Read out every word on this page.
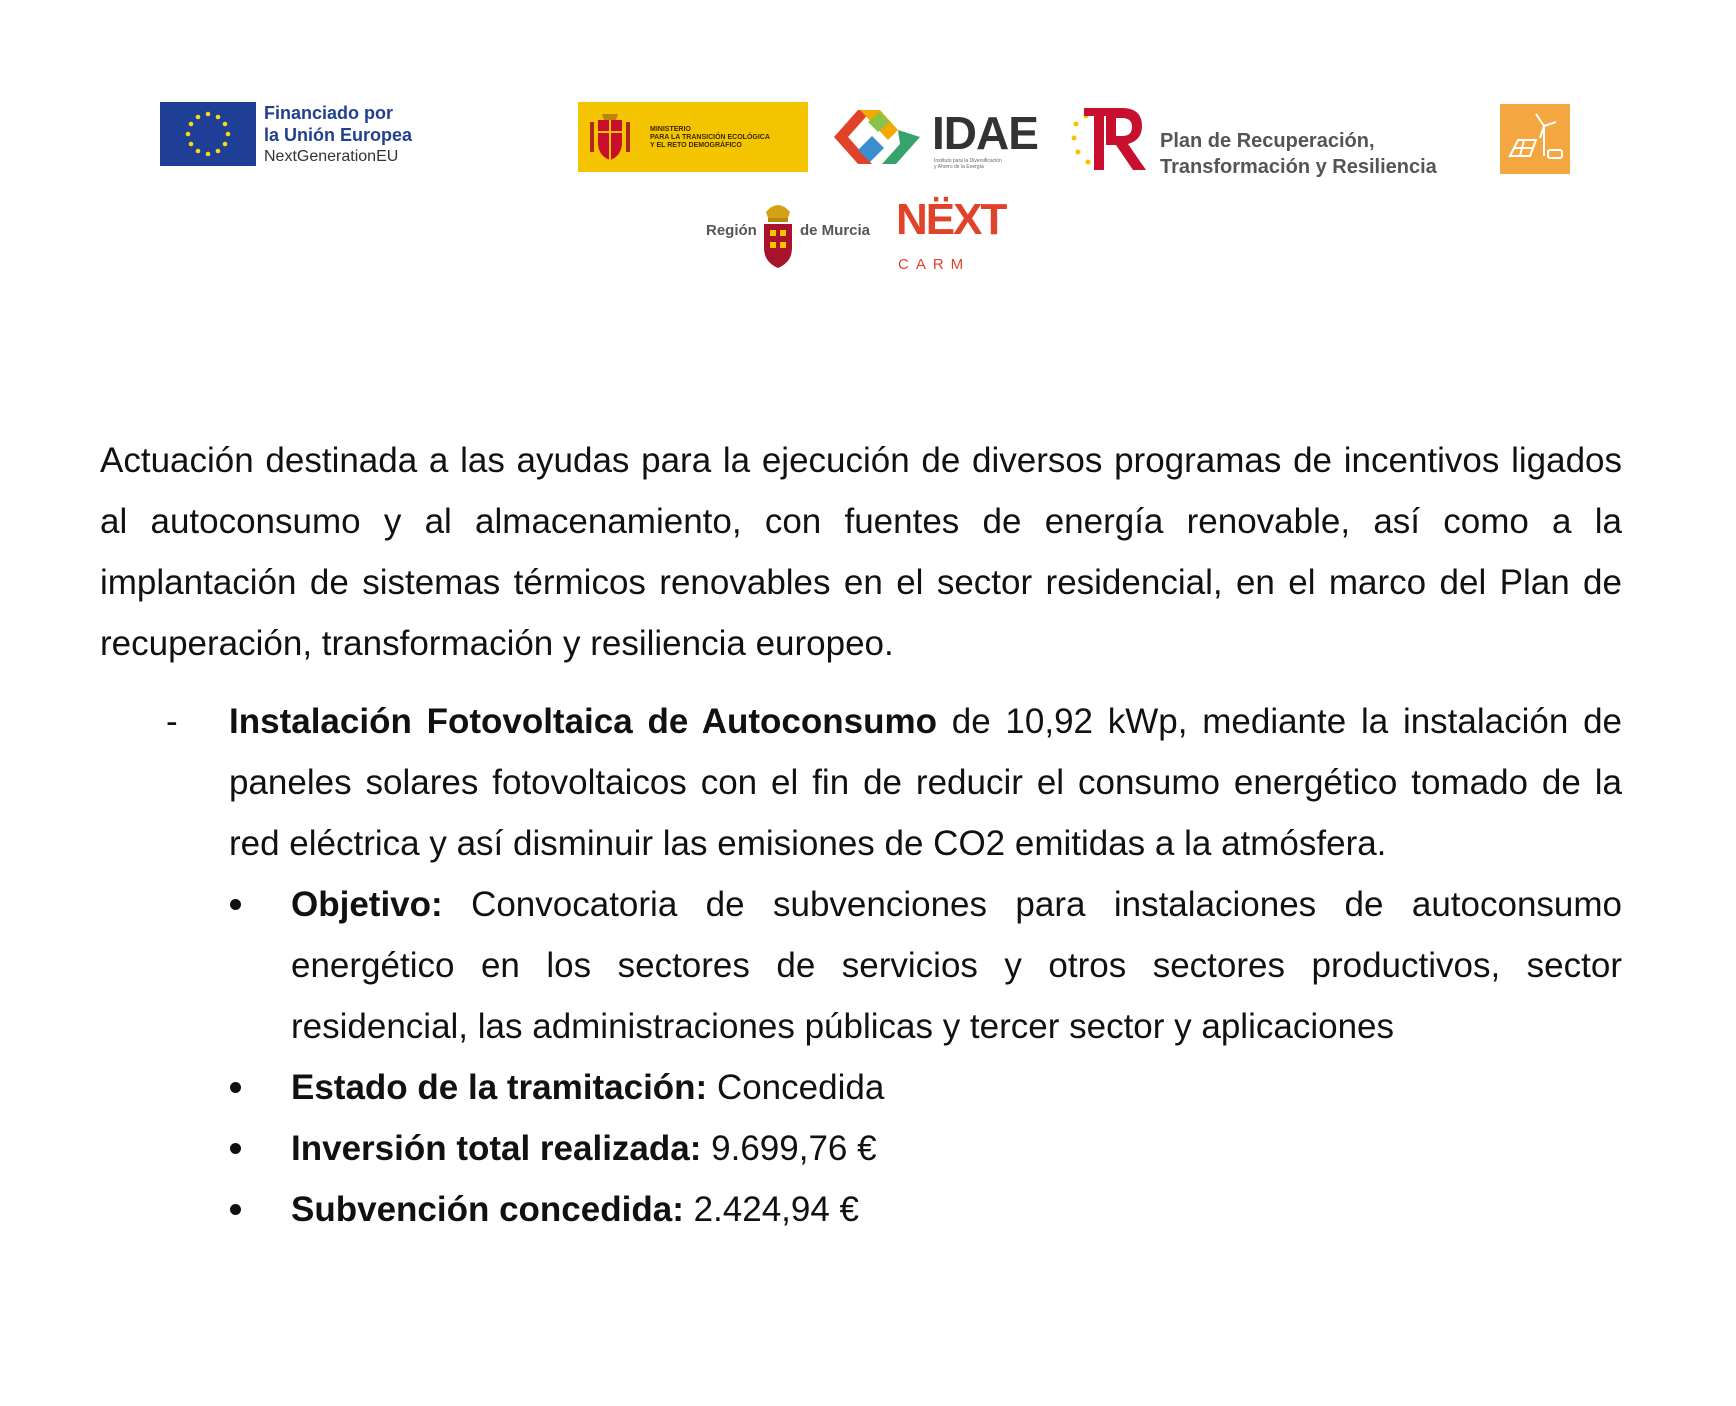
Financiado por
la Unión Europea
NextGenerationEU
MINISTERIO
PARA LA TRANSICIÓN ECOLÓGICA
Y EL RETO DEMOGRÁFICO	IDAE
Instituto para la Diversificación
y Ahorro de la Energía
Plan de Recuperación,
Transformación y Resiliencia
Región	de Murcia NËXT
CARM

Actuación destinada a las ayudas para la ejecución de diversos programas de incentivos ligados al autoconsumo y al almacenamiento, con fuentes de energía renovable, así como a la implantación de sistemas térmicos renovables en el sector residencial, en el marco del Plan de recuperación, transformación y resiliencia europeo.

- Instalación Fotovoltaica de Autoconsumo de 10,92 kWp, mediante la instalación de paneles solares fotovoltaicos con el fin de reducir el consumo energético tomado de la red eléctrica y así disminuir las emisiones de CO2 emitidas a la atmósfera.
Objetivo: Convocatoria de subvenciones para instalaciones de autoconsumo energético en los sectores de servicios y otros sectores productivos, sector residencial, las administraciones públicas y tercer sector y aplicaciones
Estado de la tramitación: Concedida
Inversión total realizada: 9.699,76 €
Subvención concedida: 2.424,94 €
